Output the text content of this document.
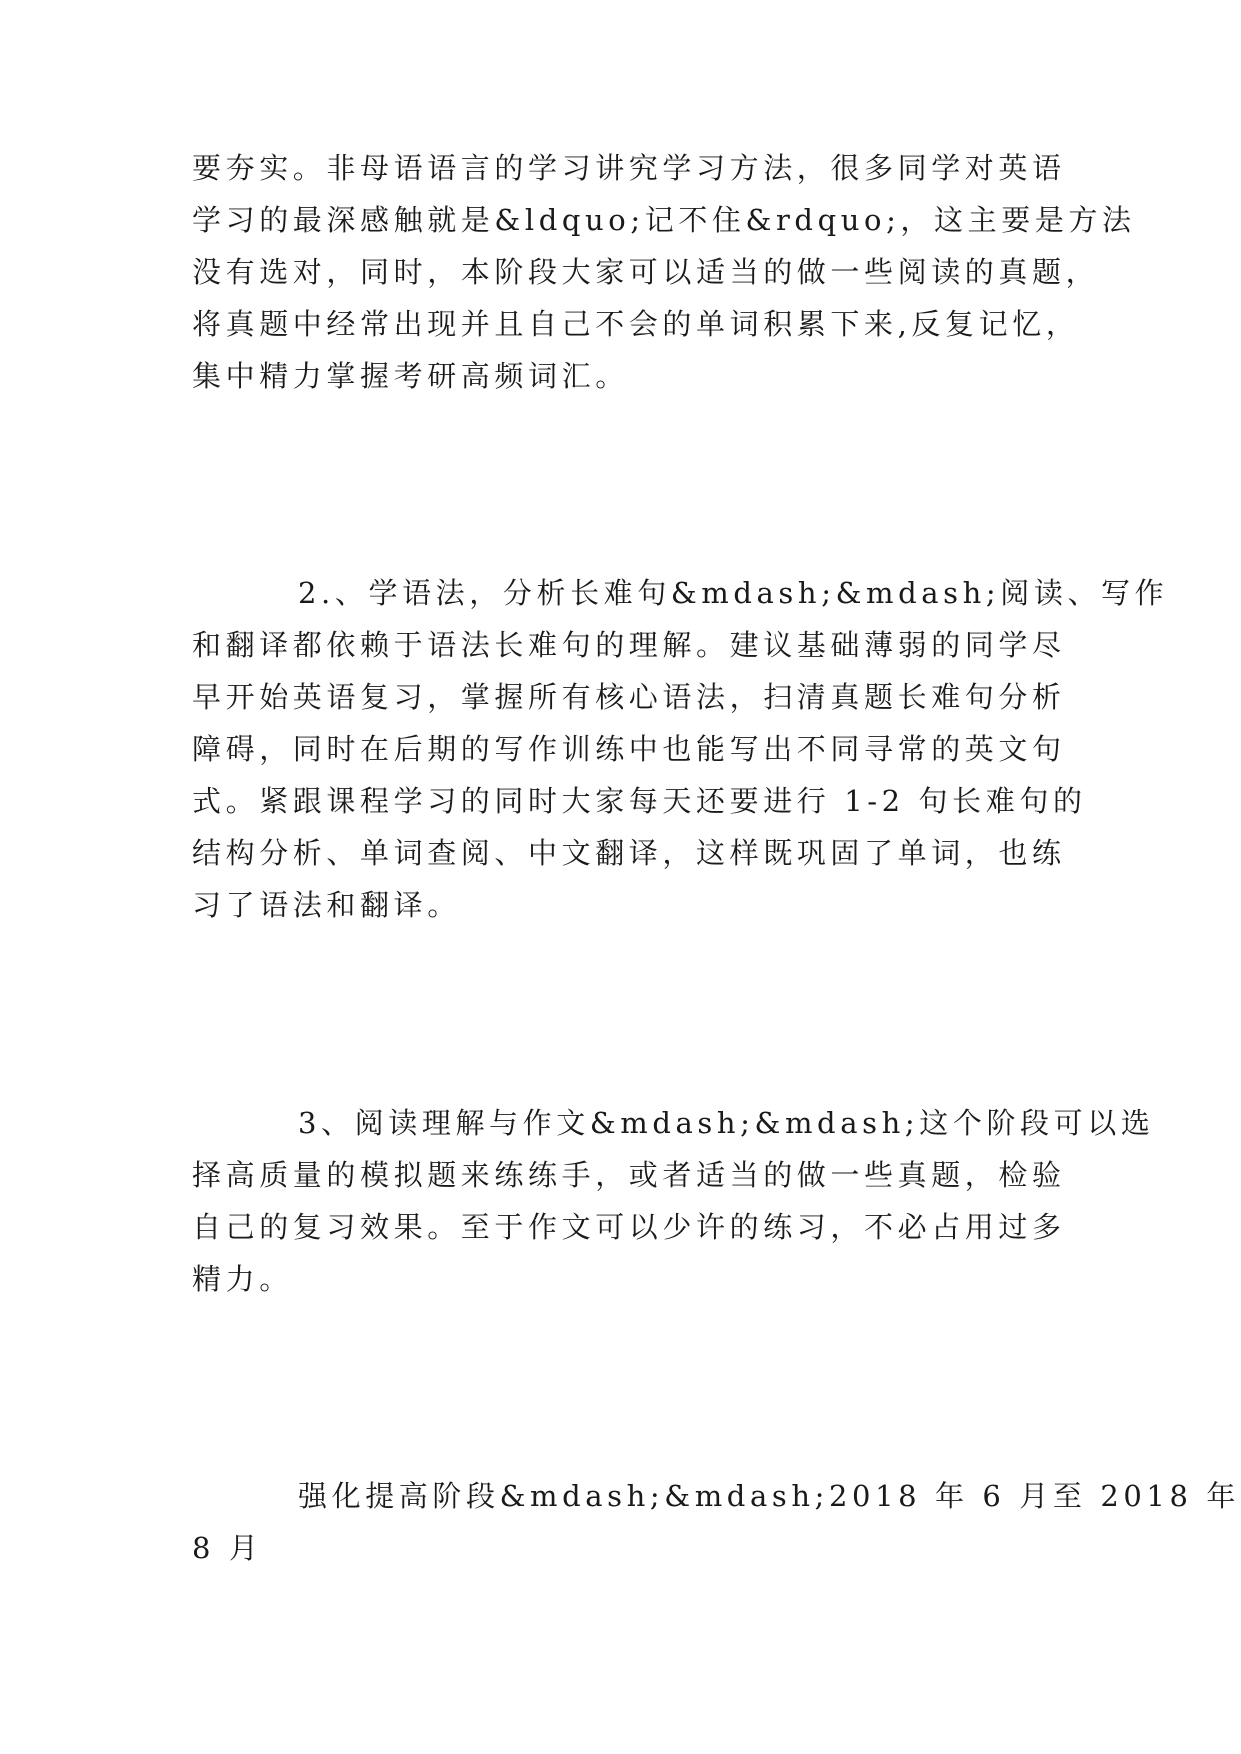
要夯实。非母语语言的学习讲究学习方法，很多同学对英语
学习的最深感触就是&ldquo;记不住&rdquo;，这主要是方法
没有选对，同时，本阶段大家可以适当的做一些阅读的真题，
将真题中经常出现并且自己不会的单词积累下来,反复记忆，
集中精力掌握考研高频词汇。
2.、学语法，分析长难句&mdash;&mdash;阅读、写作
和翻译都依赖于语法长难句的理解。建议基础薄弱的同学尽
早开始英语复习，掌握所有核心语法，扫清真题长难句分析
障碍，同时在后期的写作训练中也能写出不同寻常的英文句
式。紧跟课程学习的同时大家每天还要进行 1-2 句长难句的
结构分析、单词查阅、中文翻译，这样既巩固了单词，也练
习了语法和翻译。
3、阅读理解与作文&mdash;&mdash;这个阶段可以选
择高质量的模拟题来练练手，或者适当的做一些真题，检验
自己的复习效果。至于作文可以少许的练习，不必占用过多
精力。
强化提高阶段&mdash;&mdash;2018 年 6 月至 2018 年
8 月
